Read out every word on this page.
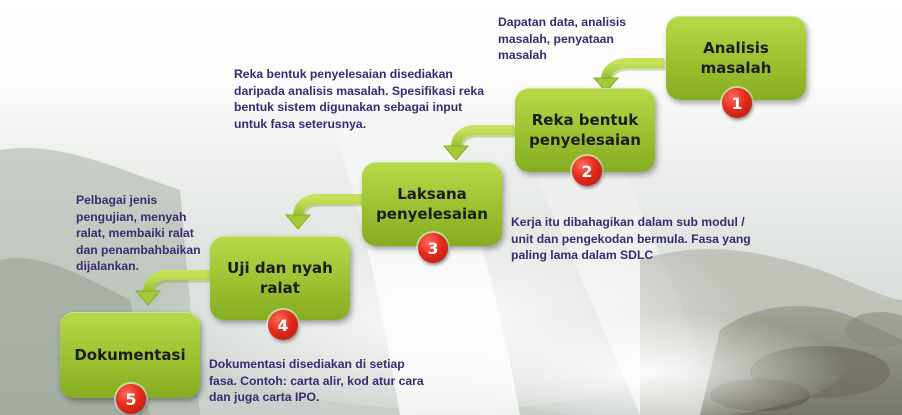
Analisis
masalah
1
Reka bentuk
penyelesaian
2
Laksana
penyelesaian
3
Uji dan nyah
ralat
4
Dokumentasi
5
Dapatan data, analisis
masalah, penyataan
masalah
Reka bentuk penyelesaian disediakan
daripada analisis masalah. Spesifikasi reka
bentuk sistem digunakan sebagai input
untuk fasa seterusnya.
Kerja itu dibahagikan dalam sub modul /
unit dan pengekodan bermula. Fasa yang
paling lama dalam SDLC
Pelbagai jenis
pengujian, menyah
ralat, membaiki ralat
dan penambahbaikan
dijalankan.
Dokumentasi disediakan di setiap
fasa. Contoh: carta alir, kod atur cara
dan juga carta IPO.
